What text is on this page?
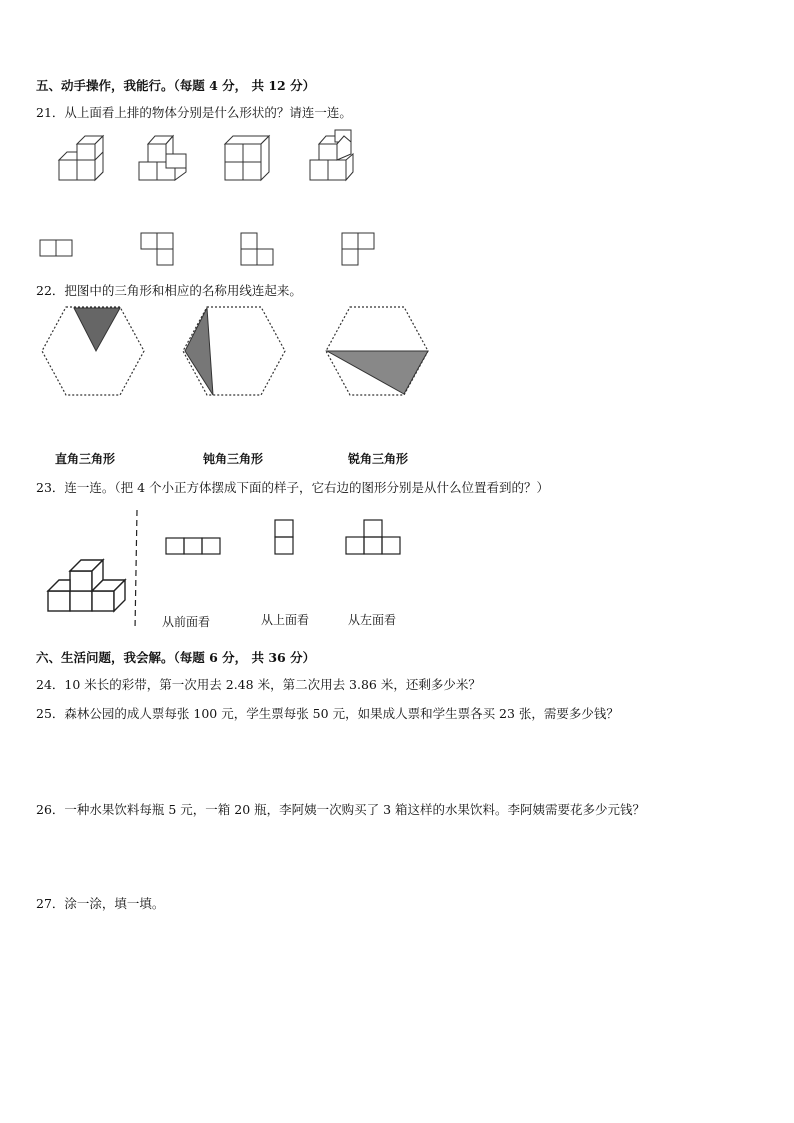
五、动手操作，我能行。（每题 4 分， 共 12 分）
21．从上面看上排的物体分别是什么形状的？请连一连。
22．把图中的三角形和相应的名称用线连起来。
直角三角形	钝角三角形	锐角三角形
23．连一连。（把 4 个小正方体摆成下面的样子，它右边的图形分别是从什么位置看到的？）
从前面看	从上面看	从左面看
六、生活问题，我会解。（每题 6 分， 共 36 分）
24．10 米长的彩带，第一次用去 2.48 米，第二次用去 3.86 米，还剩多少米？
25．森林公园的成人票每张 100 元，学生票每张 50 元，如果成人票和学生票各买 23 张，需要多少钱？
26．一种水果饮料每瓶 5 元，一箱 20 瓶，李阿姨一次购买了 3 箱这样的水果饮料。李阿姨需要花多少元钱？
27．涂一涂，填一填。
